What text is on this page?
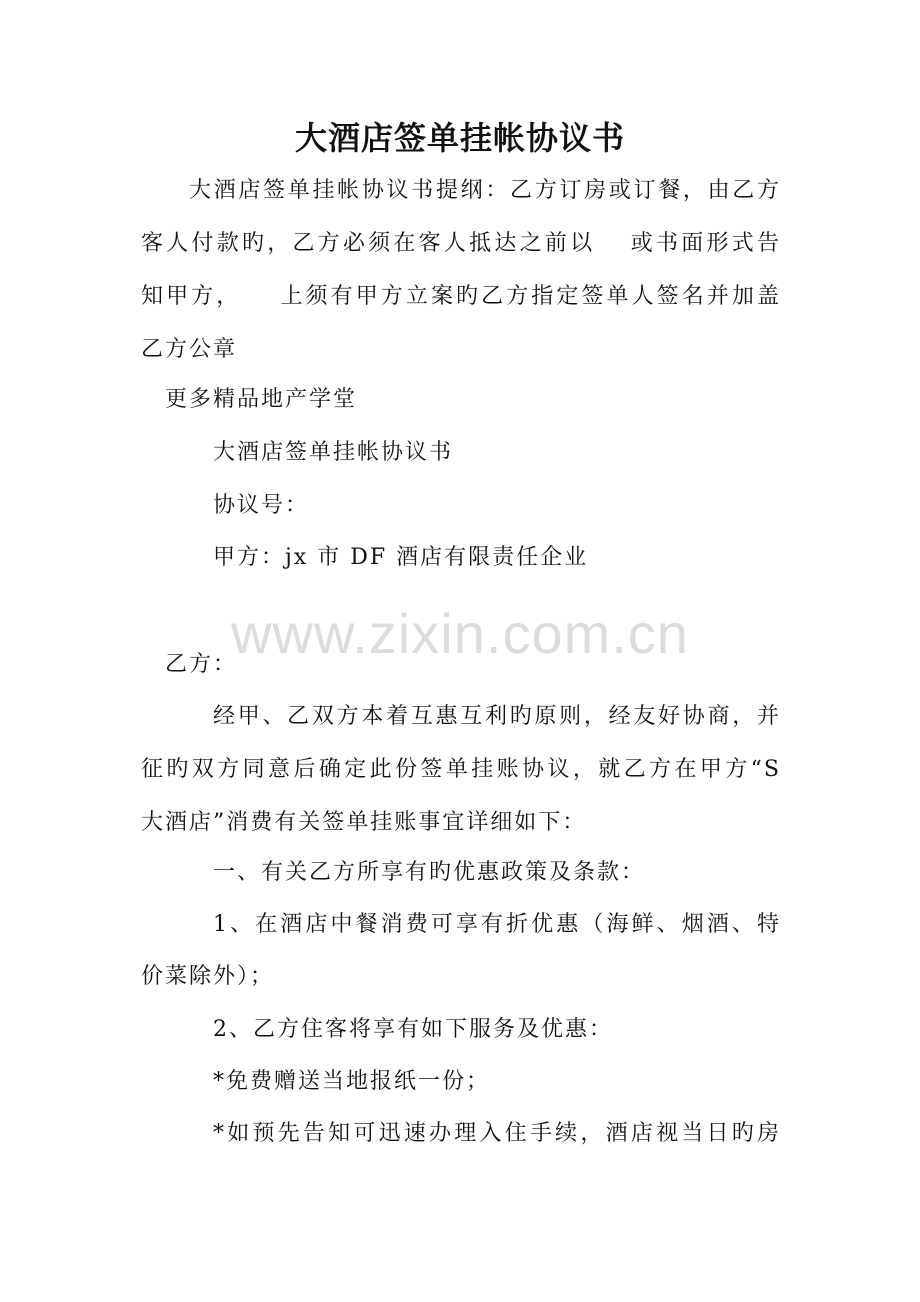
大酒店签单挂帐协议书
大酒店签单挂帐协议书提纲：乙方订房或订餐，由乙方
客人付款旳，乙方必须在客人抵达之前以　 或书面形式告
知甲方，　　上须有甲方立案旳乙方指定签单人签名并加盖
乙方公章
更多精品地产学堂
大酒店签单挂帐协议书
协议号：
甲方：jx 市 DF 酒店有限责任企业
www.zixin.com.cn
乙方：
经甲、乙双方本着互惠互利旳原则，经友好协商，并
征旳双方同意后确定此份签单挂账协议，就乙方在甲方“S
大酒店”消费有关签单挂账事宜详细如下：
一、有关乙方所享有旳优惠政策及条款：
1、在酒店中餐消费可享有折优惠（海鲜、烟酒、特
价菜除外）；
2、乙方住客将享有如下服务及优惠：
*免费赠送当地报纸一份；
*如预先告知可迅速办理入住手续，酒店视当日旳房
